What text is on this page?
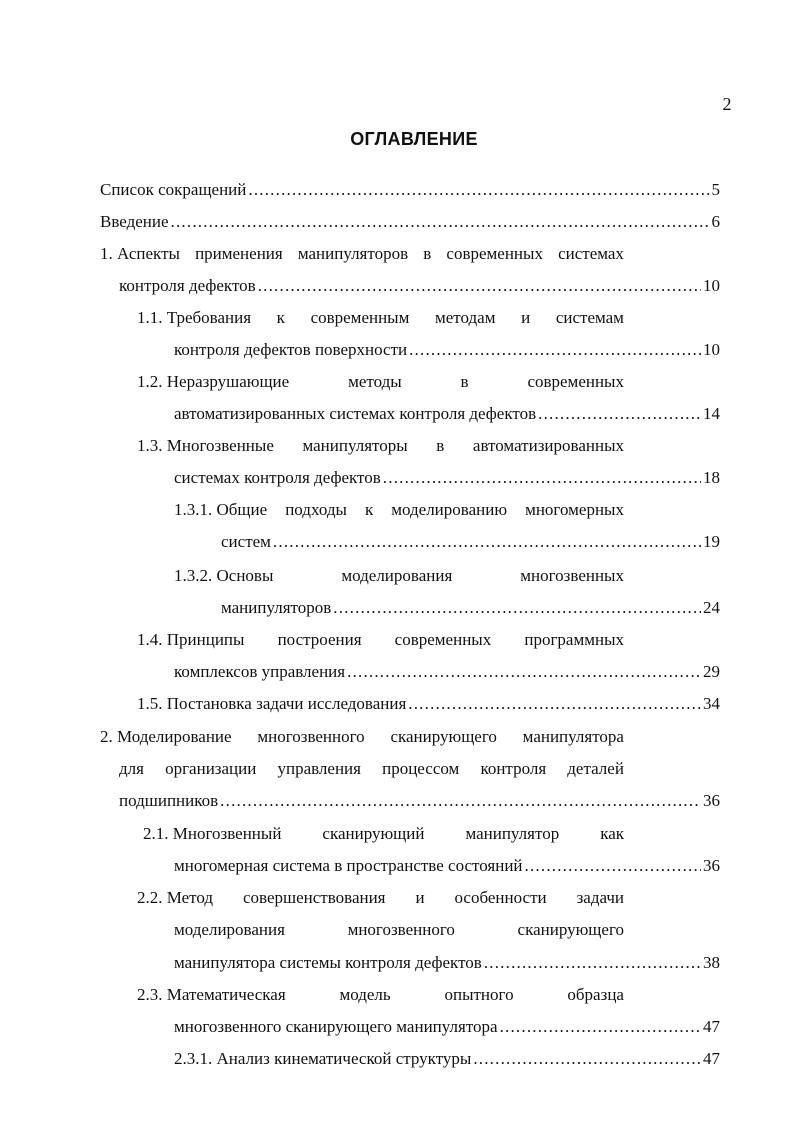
2
ОГЛАВЛЕНИЕ
Список сокращений .....	5
Введение .....	6
1. Аспекты применения манипуляторов в современных системах
контроля дефектов .....	10
1.1. Требования к современным методам и системам
контроля дефектов поверхности .....	10
1.2. Неразрушающие	методы	в	современных
автоматизированных системах контроля дефектов .....	14
1.3. Многозвенные манипуляторы в автоматизированных
системах контроля дефектов .....	18
1.3.1. Общие подходы к моделированию многомерных
систем .....	19
1.3.2. Основы	моделирования	многозвенных
манипуляторов .....	24
1.4. Принципы построения современных программных
комплексов управления .....	29
1.5. Постановка задачи исследования .....	34
2. Моделирование многозвенного сканирующего манипулятора
для организации управления процессом контроля деталей
подшипников .....	36
2.1. Многозвенный сканирующий манипулятор как
многомерная система в пространстве состояний .....	36
2.2. Метод совершенствования и особенности задачи
моделирования	многозвенного	сканирующего
манипулятора системы контроля дефектов .....	38
2.3. Математическая	модель	опытного	образца
многозвенного сканирующего манипулятора .....	47
2.3.1. Анализ кинематической структуры .....	47
